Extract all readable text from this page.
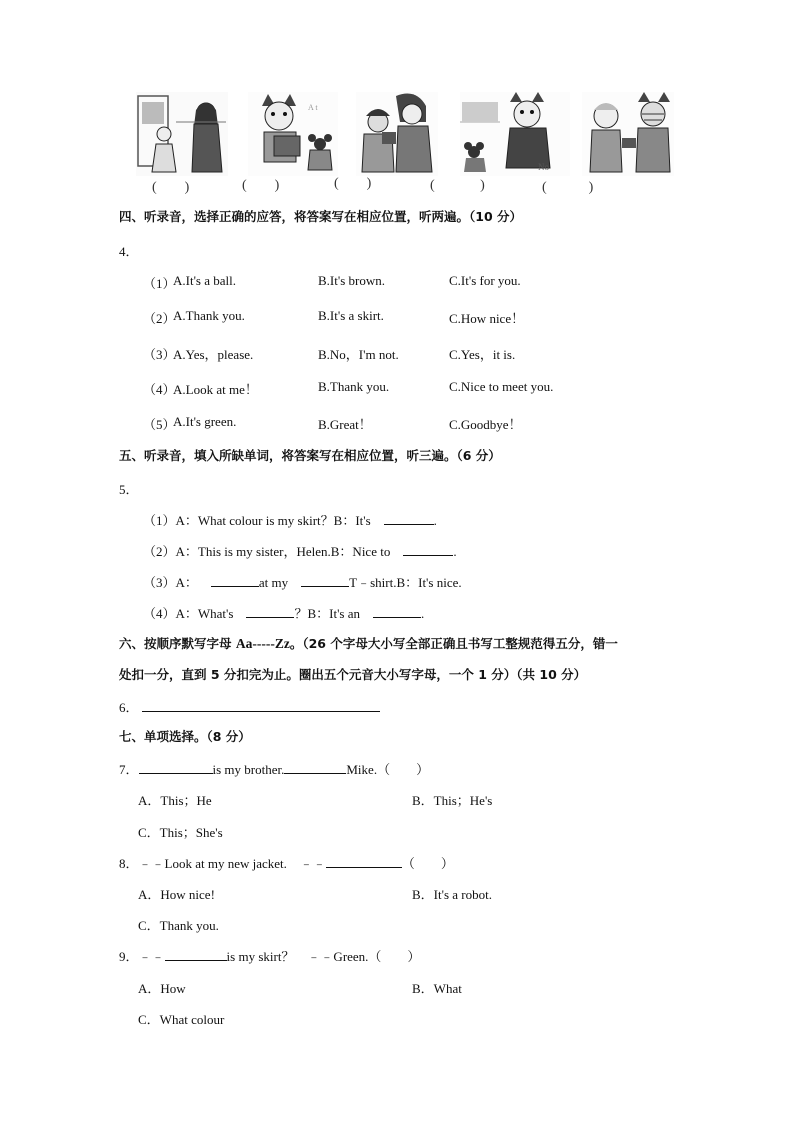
A t
No
(　　 )	(　　 )	(　　 )	(　　　	)	(　　　	)
四、听录音，选择正确的应答，将答案写在相应位置，听两遍。（10 分）
4．
（1）
A.It's a ball.	B.It's brown.	C.It's for you.
（2）
A.Thank you.	B.It's a skirt.	C.How nice！
（3）
A.Yes，please.	B.No，I'm not.	C.Yes，it is.
（4）
A.Look at me！	B.Thank you.	C.Nice to meet you.
（5）
A.It's green.	B.Great！	C.Goodbye！
五、听录音，填入所缺单词，将答案写在相应位置，听三遍。（6 分）
5．
（1）A：What colour is my skirt？B：It's	.
（2）A：This is my sister，Helen.B：Nice to	.
（3）A：	at my	T﹣shirt.B：It's nice.
（4）A：What's	？B：It's an	.
六、按顺序默写字母 Aa-----Zz。（26 个字母大小写全部正确且书写工整规范得五分，错一
处扣一分，直到 5 分扣完为止。圈出五个元音大小写字母，一个 1 分）（共 10 分）
6．
七、单项选择。（8 分）
7．	is my brother.	Mike.（　　）
A．This；He	B．This；He's
C．This；She's
8．﹣﹣Look at my new jacket.　﹣﹣	（　　）
A．How nice!	B．It's a robot.
C．Thank you.
9．﹣﹣	is my skirt？　﹣﹣Green.（　　）
A．How	B．What
C．What colour
